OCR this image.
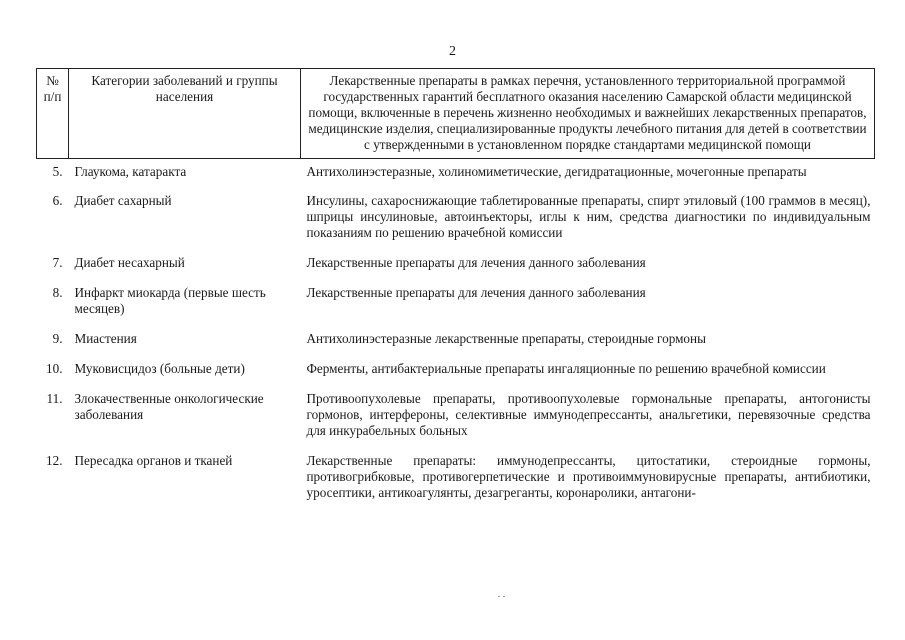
2
№ п/п	Категории заболеваний и группы населения	Лекарственные препараты в рамках перечня, установленного территориальной программой государственных гарантий бесплатного оказания населению Самарской области медицинской помощи, включенные в перечень жизненно необходимых и важнейших лекарственных препаратов, медицинские изделия, специализированные продукты лечебного питания для детей в соответствии с утвержденными в установленном порядке стандартами медицинской помощи
5.	Глаукома, катаракта	Антихолинэстеразные, холиномиметические, дегидратационные, мочегонные препараты
6.	Диабет сахарный	Инсулины, сахароснижающие таблетированные препараты, спирт этиловый (100 граммов в месяц), шприцы инсулиновые, автоинъекторы, иглы к ним, средства диагностики по индивидуальным показаниям по решению врачебной комиссии
7.	Диабет несахарный	Лекарственные препараты для лечения данного заболевания
8.	Инфаркт миокарда (первые шесть месяцев)	Лекарственные препараты для лечения данного заболевания
9.	Миастения	Антихолинэстеразные лекарственные препараты, стероидные гормоны
10.	Муковисцидоз (больные дети)	Ферменты, антибактериальные препараты ингаляционные по решению врачебной комиссии
11.	Злокачественные онкологические заболевания	Противоопухолевые препараты, противоопухолевые гормональные препараты, антогонисты гормонов, интерфероны, селективные иммунодепрессанты, анальгетики, перевязочные средства для инкурабельных больных
12.	Пересадка органов и тканей	Лекарственные препараты: иммунодепрессанты, цитостатики, стероидные гормоны, противогрибковые, противогерпетические и противоиммуновирусные препараты, антибиотики, уросептики, антикоагулянты, дезагреганты, коронаролики, антагони-
